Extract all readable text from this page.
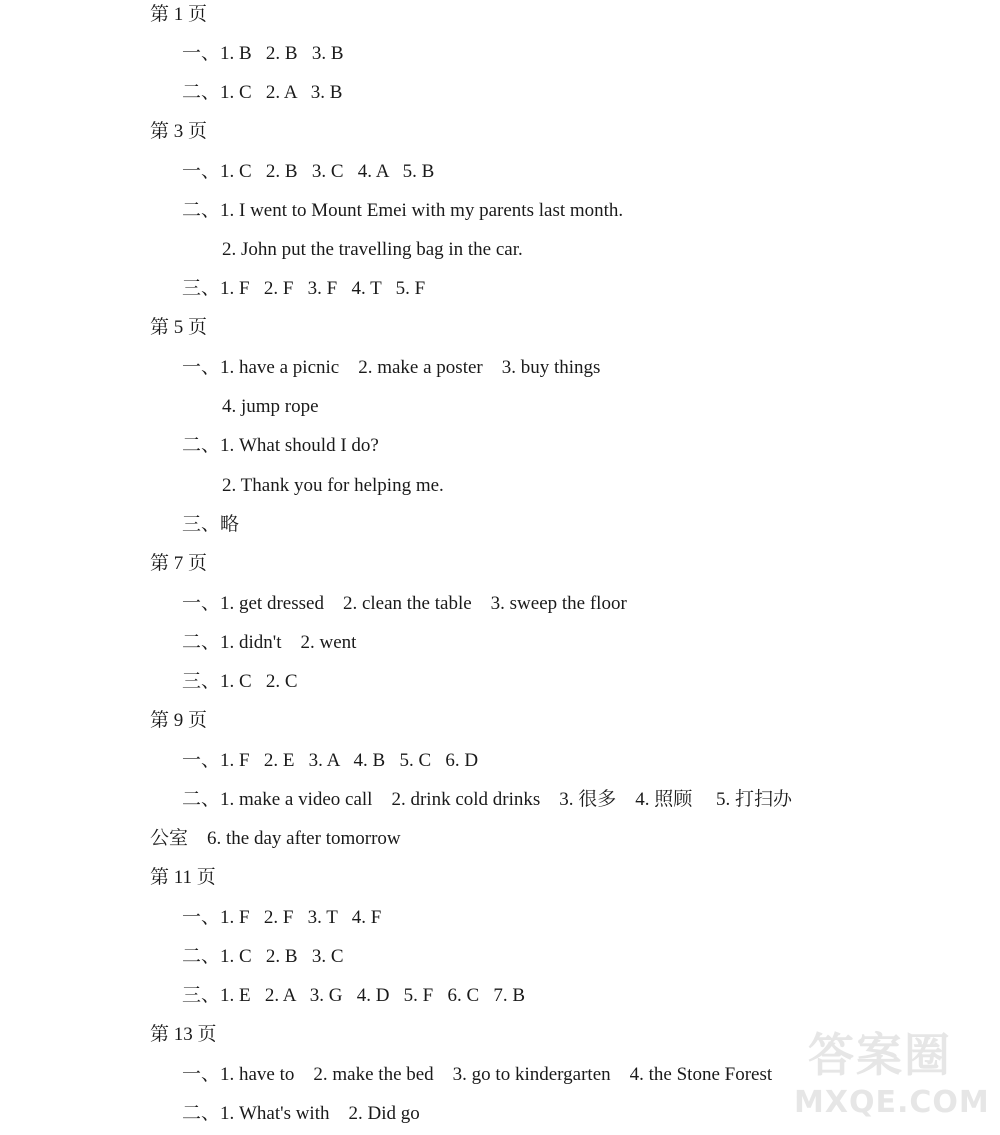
第 1 页
一、1. B   2. B   3. B
二、1. C   2. A   3. B
第 3 页
一、1. C   2. B   3. C   4. A   5. B
二、1. I went to Mount Emei with my parents last month.
2. John put the travelling bag in the car.
三、1. F   2. F   3. F   4. T   5. F
第 5 页
一、1. have a picnic    2. make a poster    3. buy things
4. jump rope
二、1. What should I do?
2. Thank you for helping me.
三、略
第 7 页
一、1. get dressed    2. clean the table    3. sweep the floor
二、1. didn't    2. went
三、1. C   2. C
第 9 页
一、1. F   2. E   3. A   4. B   5. C   6. D
二、1. make a video call    2. drink cold drinks    3. 很多    4. 照顾     5. 打扫办
公室    6. the day after tomorrow
第 11 页
一、1. F   2. F   3. T   4. F
二、1. C   2. B   3. C
三、1. E   2. A   3. G   4. D   5. F   6. C   7. B
第 13 页
一、1. have to    2. make the bed    3. go to kindergarten    4. the Stone Forest
二、1. What's with    2. Did go
答案圈
MXQE.COM
